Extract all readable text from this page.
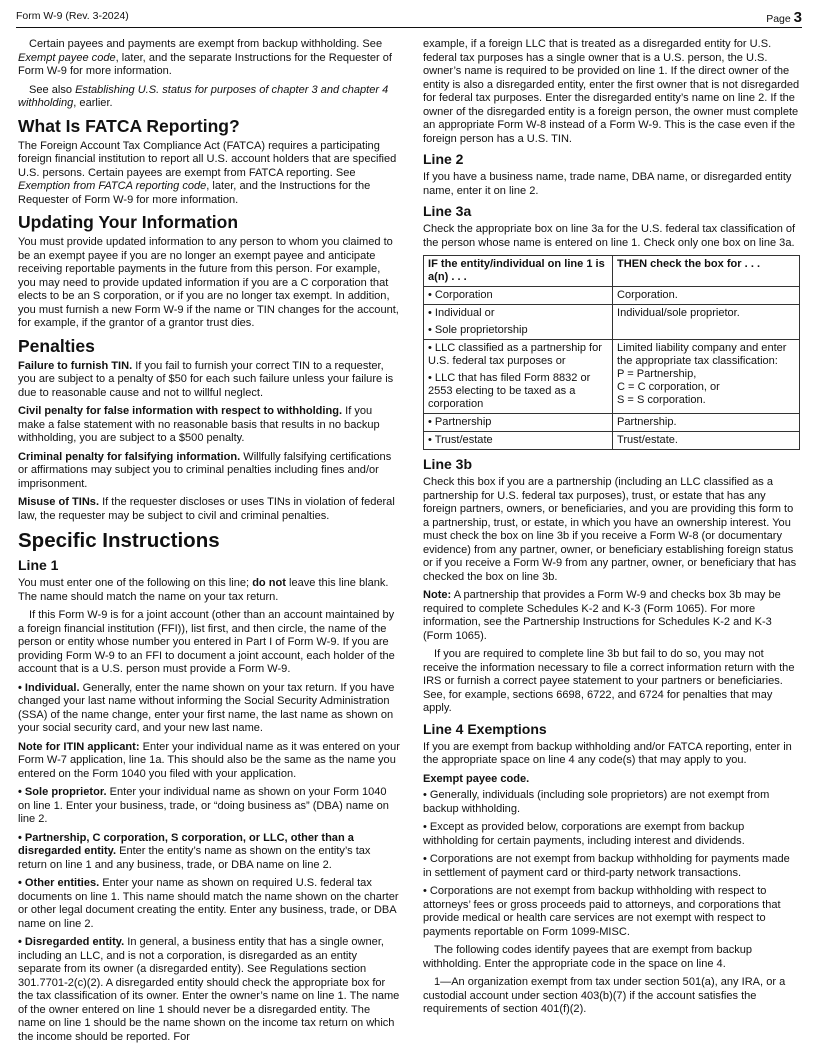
Form W-9 (Rev. 3-2024)	Page 3

Certain payees and payments are exempt from backup withholding. See Exempt payee code, later, and the separate Instructions for the Requester of Form W-9 for more information.

See also Establishing U.S. status for purposes of chapter 3 and chapter 4 withholding, earlier.

What Is FATCA Reporting?

The Foreign Account Tax Compliance Act (FATCA) requires a participating foreign financial institution to report all U.S. account holders that are specified U.S. persons. Certain payees are exempt from FATCA reporting. See Exemption from FATCA reporting code, later, and the Instructions for the Requester of Form W-9 for more information.

Updating Your Information

You must provide updated information to any person to whom you claimed to be an exempt payee if you are no longer an exempt payee and anticipate receiving reportable payments in the future from this person. For example, you may need to provide updated information if you are a C corporation that elects to be an S corporation, or if you are no longer tax exempt. In addition, you must furnish a new Form W-9 if the name or TIN changes for the account, for example, if the grantor of a grantor trust dies.

Penalties

Failure to furnish TIN. If you fail to furnish your correct TIN to a requester, you are subject to a penalty of $50 for each such failure unless your failure is due to reasonable cause and not to willful neglect.

Civil penalty for false information with respect to withholding. If you make a false statement with no reasonable basis that results in no backup withholding, you are subject to a $500 penalty.

Criminal penalty for falsifying information. Willfully falsifying certifications or affirmations may subject you to criminal penalties including fines and/or imprisonment.

Misuse of TINs. If the requester discloses or uses TINs in violation of federal law, the requester may be subject to civil and criminal penalties.

Specific Instructions
Line 1

You must enter one of the following on this line; do not leave this line blank. The name should match the name on your tax return.

If this Form W-9 is for a joint account (other than an account maintained by a foreign financial institution (FFI)), list first, and then circle, the name of the person or entity whose number you entered in Part I of Form W-9. If you are providing Form W-9 to an FFI to document a joint account, each holder of the account that is a U.S. person must provide a Form W-9.

• Individual. Generally, enter the name shown on your tax return. If you have changed your last name without informing the Social Security Administration (SSA) of the name change, enter your first name, the last name as shown on your social security card, and your new last name.

Note for ITIN applicant: Enter your individual name as it was entered on your Form W-7 application, line 1a. This should also be the same as the name you entered on the Form 1040 you filed with your application.

• Sole proprietor. Enter your individual name as shown on your Form 1040 on line 1. Enter your business, trade, or “doing business as” (DBA) name on line 2.

• Partnership, C corporation, S corporation, or LLC, other than a disregarded entity. Enter the entity’s name as shown on the entity’s tax return on line 1 and any business, trade, or DBA name on line 2.

• Other entities. Enter your name as shown on required U.S. federal tax documents on line 1. This name should match the name shown on the charter or other legal document creating the entity. Enter any business, trade, or DBA name on line 2.

• Disregarded entity. In general, a business entity that has a single owner, including an LLC, and is not a corporation, is disregarded as an entity separate from its owner (a disregarded entity). See Regulations section 301.7701-2(c)(2). A disregarded entity should check the appropriate box for the tax classification of its owner. Enter the owner’s name on line 1. The name of the owner entered on line 1 should never be a disregarded entity. The name on line 1 should be the name shown on the income tax return on which the income should be reported. For

example, if a foreign LLC that is treated as a disregarded entity for U.S. federal tax purposes has a single owner that is a U.S. person, the U.S. owner’s name is required to be provided on line 1. If the direct owner of the entity is also a disregarded entity, enter the first owner that is not disregarded for federal tax purposes. Enter the disregarded entity’s name on line 2. If the owner of the disregarded entity is a foreign person, the owner must complete an appropriate Form W-8 instead of a Form W-9. This is the case even if the foreign person has a U.S. TIN.

Line 2

If you have a business name, trade name, DBA name, or disregarded entity name, enter it on line 2.

Line 3a

Check the appropriate box on line 3a for the U.S. federal tax classification of the person whose name is entered on line 1. Check only one box on line 3a.

IF the entity/individual on line 1 is a(n) . . .	THEN check the box for . . .
• Corporation	Corporation.

• Individual or
• Sole proprietorship	Individual/sole proprietor.

• LLC classified as a partnership for U.S. federal tax purposes or
• LLC that has filed Form 8832 or 2553 electing to be taxed as a corporation	Limited liability company and enter the appropriate tax classification:
P = Partnership,
C = C corporation, or
S = S corporation.

• Partnership	Partnership.
• Trust/estate	Trust/estate.
Line 3b

Check this box if you are a partnership (including an LLC classified as a partnership for U.S. federal tax purposes), trust, or estate that has any foreign partners, owners, or beneficiaries, and you are providing this form to a partnership, trust, or estate, in which you have an ownership interest. You must check the box on line 3b if you receive a Form W-8 (or documentary evidence) from any partner, owner, or beneficiary establishing foreign status or if you receive a Form W-9 from any partner, owner, or beneficiary that has checked the box on line 3b.

Note: A partnership that provides a Form W-9 and checks box 3b may be required to complete Schedules K-2 and K-3 (Form 1065). For more information, see the Partnership Instructions for Schedules K-2 and K-3 (Form 1065).

If you are required to complete line 3b but fail to do so, you may not receive the information necessary to file a correct information return with the IRS or furnish a correct payee statement to your partners or beneficiaries. See, for example, sections 6698, 6722, and 6724 for penalties that may apply.

Line 4 Exemptions

If you are exempt from backup withholding and/or FATCA reporting, enter in the appropriate space on line 4 any code(s) that may apply to you.

Exempt payee code.

• Generally, individuals (including sole proprietors) are not exempt from backup withholding.

• Except as provided below, corporations are exempt from backup withholding for certain payments, including interest and dividends.

• Corporations are not exempt from backup withholding for payments made in settlement of payment card or third-party network transactions.

• Corporations are not exempt from backup withholding with respect to attorneys’ fees or gross proceeds paid to attorneys, and corporations that provide medical or health care services are not exempt with respect to payments reportable on Form 1099-MISC.

The following codes identify payees that are exempt from backup withholding. Enter the appropriate code in the space on line 4.

1—An organization exempt from tax under section 501(a), any IRA, or a custodial account under section 403(b)(7) if the account satisfies the requirements of section 401(f)(2).
